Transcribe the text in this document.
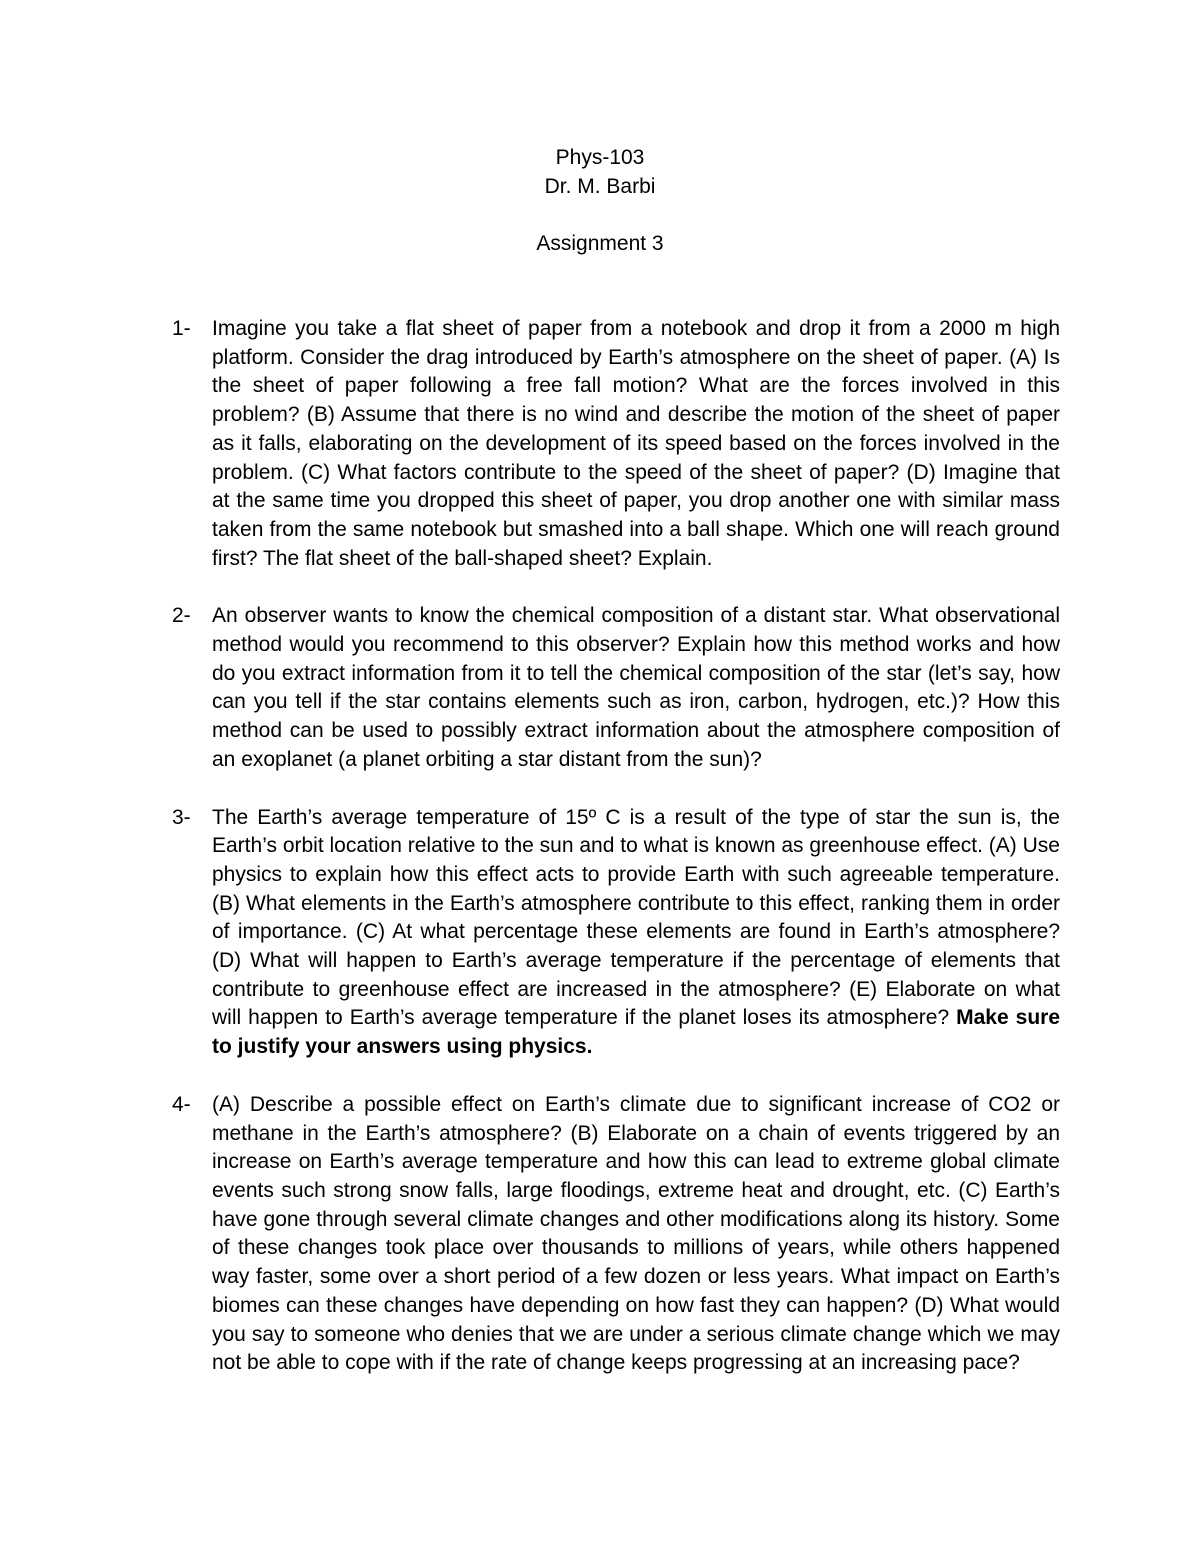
Phys-103
Dr. M. Barbi
Assignment 3
1- Imagine you take a flat sheet of paper from a notebook and drop it from a 2000 m high platform. Consider the drag introduced by Earth’s atmosphere on the sheet of paper. (A) Is the sheet of paper following a free fall motion? What are the forces involved in this problem? (B) Assume that there is no wind and describe the motion of the sheet of paper as it falls, elaborating on the development of its speed based on the forces involved in the problem. (C) What factors contribute to the speed of the sheet of paper? (D) Imagine that at the same time you dropped this sheet of paper, you drop another one with similar mass taken from the same notebook but smashed into a ball shape. Which one will reach ground first? The flat sheet of the ball-shaped sheet? Explain.
2- An observer wants to know the chemical composition of a distant star. What observational method would you recommend to this observer? Explain how this method works and how do you extract information from it to tell the chemical composition of the star (let’s say, how can you tell if the star contains elements such as iron, carbon, hydrogen, etc.)? How this method can be used to possibly extract information about the atmosphere composition of an exoplanet (a planet orbiting a star distant from the sun)?
3- The Earth’s average temperature of 15º C is a result of the type of star the sun is, the Earth’s orbit location relative to the sun and to what is known as greenhouse effect. (A) Use physics to explain how this effect acts to provide Earth with such agreeable temperature. (B) What elements in the Earth’s atmosphere contribute to this effect, ranking them in order of importance. (C) At what percentage these elements are found in Earth’s atmosphere? (D) What will happen to Earth’s average temperature if the percentage of elements that contribute to greenhouse effect are increased in the atmosphere? (E) Elaborate on what will happen to Earth’s average temperature if the planet loses its atmosphere? Make sure to justify your answers using physics.
4- (A) Describe a possible effect on Earth’s climate due to significant increase of CO2 or methane in the Earth’s atmosphere? (B) Elaborate on a chain of events triggered by an increase on Earth’s average temperature and how this can lead to extreme global climate events such strong snow falls, large floodings, extreme heat and drought, etc. (C) Earth’s have gone through several climate changes and other modifications along its history. Some of these changes took place over thousands to millions of years, while others happened way faster, some over a short period of a few dozen or less years. What impact on Earth’s biomes can these changes have depending on how fast they can happen? (D) What would you say to someone who denies that we are under a serious climate change which we may not be able to cope with if the rate of change keeps progressing at an increasing pace?
